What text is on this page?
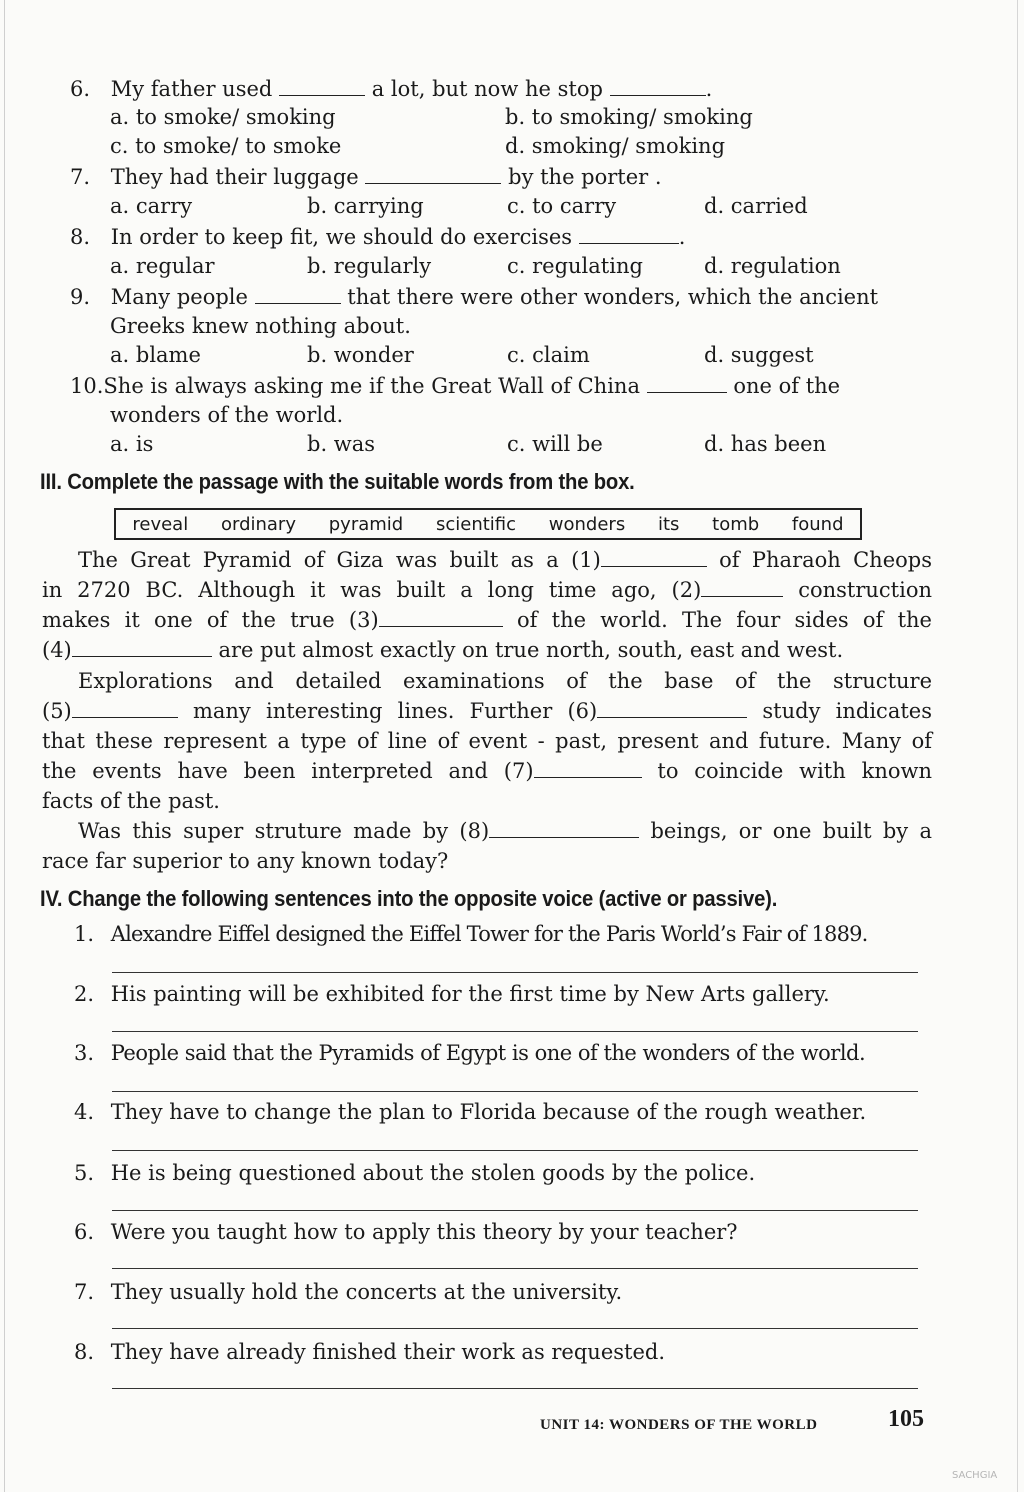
6. My father used	a lot, but now he stop	.
a. to smoke/ smoking	b. to smoking/ smoking
c. to smoke/ to smoke	d. smoking/ smoking
7. They had their luggage	by the porter .
a. carry	b. carrying	c. to carry	d. carried
8. In order to keep fit, we should do exercises	.
a. regular	b. regularly	c. regulating	d. regulation
9. Many people	that there were other wonders, which the ancient
Greeks knew nothing about.
a. blame	b. wonder	c. claim	d. suggest
10.She is always asking me if the Great Wall of China	one of the
wonders of the world.
a. is	b. was	c. will be	d. has been
III. Complete the passage with the suitable words from the box.
reveal ordinary pyramid scientific wonders its tomb found
The Great Pyramid of Giza was built as a (1)	of Pharaoh Cheops
in 2720 BC. Although it was built a long time ago, (2)	construction
makes it one of the true (3)	of the world. The four sides of the
(4)	are put almost exactly on true north, south, east and west.
Explorations and detailed examinations of the base of the structure
(5)	many interesting lines. Further (6)	study indicates
that these represent a type of line of event - past, present and future. Many of
the events have been interpreted and (7)	to coincide with known
facts of the past.
Was this super struture made by (8)	beings, or one built by a
race far superior to any known today?
IV. Change the following sentences into the opposite voice (active or passive).
1. Alexandre Eiffel designed the Eiffel Tower for the Paris World’s Fair of 1889.
2. His painting will be exhibited for the first time by New Arts gallery.
3. People said that the Pyramids of Egypt is one of the wonders of the world.
4. They have to change the plan to Florida because of the rough weather.
5. He is being questioned about the stolen goods by the police.
6. Were you taught how to apply this theory by your teacher?
7. They usually hold the concerts at the university.
8. They have already finished their work as requested.
UNIT 14: WONDERS OF THE WORLD	105
SACHGIA
